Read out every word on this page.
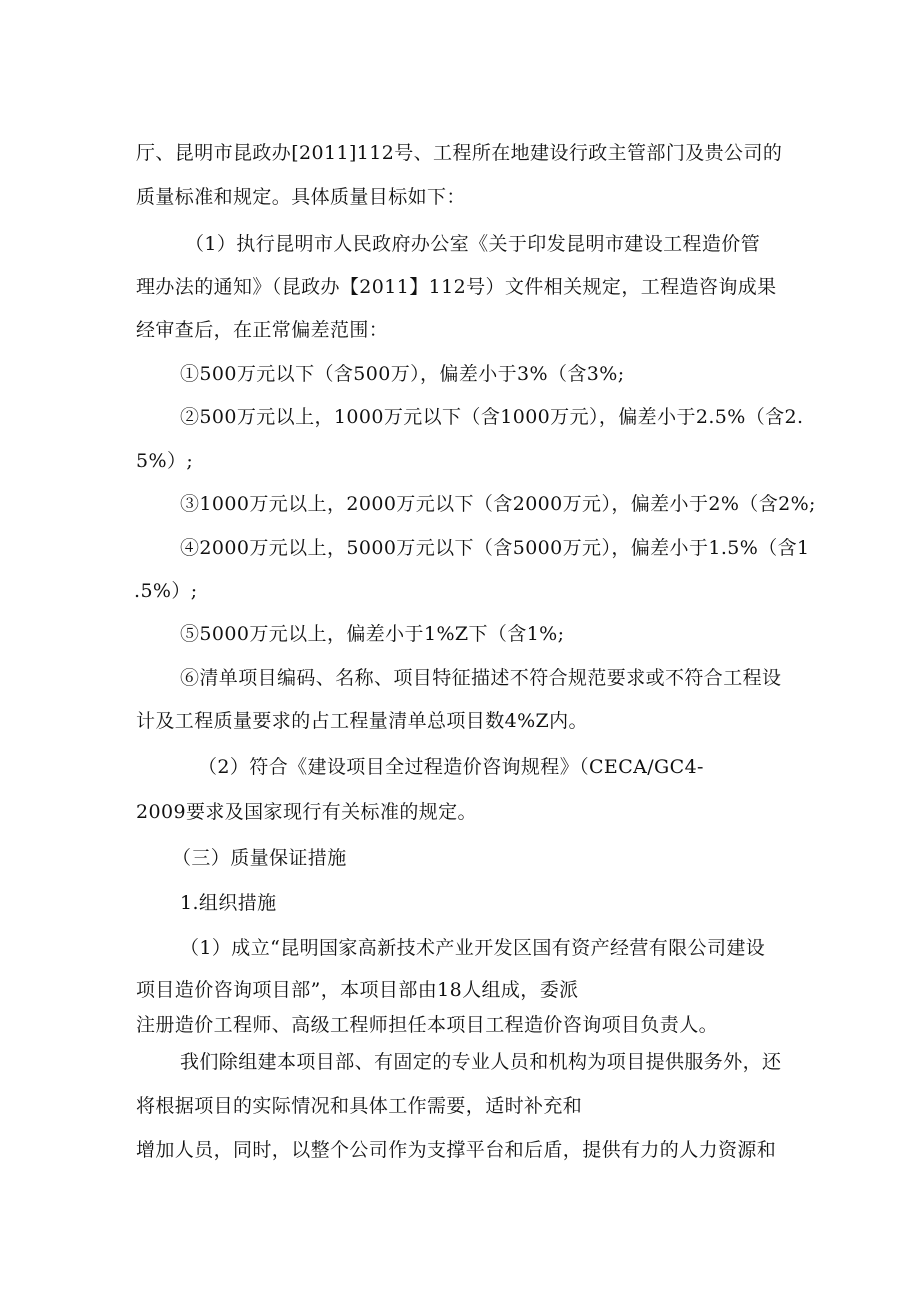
厅、昆明市昆政办[2011]112号、工程所在地建设行政主管部门及贵公司的
质量标准和规定。具体质量目标如下：
（1）执行昆明市人民政府办公室《关于印发昆明市建设工程造价管
理办法的通知》（昆政办【2011】112号）文件相关规定，工程造咨询成果
经审查后，在正常偏差范围：
①500万元以下（含500万），偏差小于3%（含3%;
②500万元以上，1000万元以下（含1000万元），偏差小于2.5%（含2.
5%）;
③1000万元以上，2000万元以下（含2000万元），偏差小于2%（含2%;
④2000万元以上，5000万元以下（含5000万元），偏差小于1.5%（含1
.5%）;
⑤5000万元以上，偏差小于1%Z下（含1%;
⑥清单项目编码、名称、项目特征描述不符合规范要求或不符合工程设
计及工程质量要求的占工程量清单总项目数4%Z内。
（2）符合《建设项目全过程造价咨询规程》（CECA/GC4-
2009要求及国家现行有关标准的规定。
（三）质量保证措施
1.组织措施
（1）成立“昆明国家高新技术产业开发区国有资产经营有限公司建设
项目造价咨询项目部”，本项目部由18人组成，委派
注册造价工程师、高级工程师担任本项目工程造价咨询项目负责人。
我们除组建本项目部、有固定的专业人员和机构为项目提供服务外，还
将根据项目的实际情况和具体工作需要，适时补充和
增加人员，同时，以整个公司作为支撑平台和后盾，提供有力的人力资源和
